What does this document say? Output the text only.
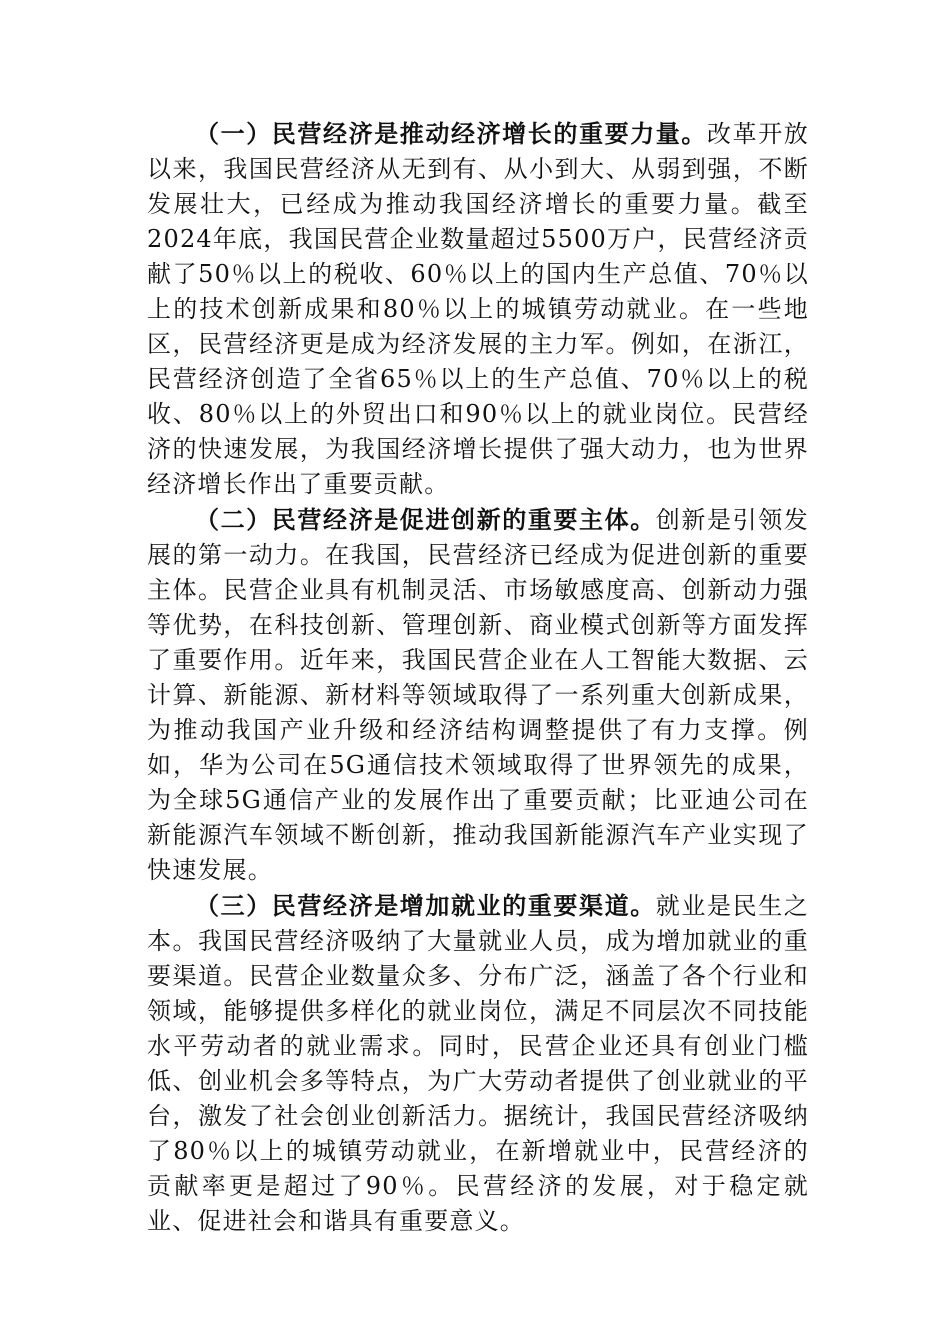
（一）民营经济是推动经济增长的重要力量。改革开放以来，我国民营经济从无到有、从小到大、从弱到强，不断发展壮大，已经成为推动我国经济增长的重要力量。截至2024年底，我国民营企业数量超过5500万户，民营经济贡献了50％以上的税收、60％以上的国内生产总值、70％以上的技术创新成果和80％以上的城镇劳动就业。在一些地区，民营经济更是成为经济发展的主力军。例如，在浙江，民营经济创造了全省65％以上的生产总值、70％以上的税收、80％以上的外贸出口和90％以上的就业岗位。民营经济的快速发展，为我国经济增长提供了强大动力，也为世界经济增长作出了重要贡献。

（二）民营经济是促进创新的重要主体。创新是引领发展的第一动力。在我国，民营经济已经成为促进创新的重要主体。民营企业具有机制灵活、市场敏感度高、创新动力强等优势，在科技创新、管理创新、商业模式创新等方面发挥了重要作用。近年来，我国民营企业在人工智能大数据、云计算、新能源、新材料等领域取得了一系列重大创新成果，为推动我国产业升级和经济结构调整提供了有力支撑。例如，华为公司在5G通信技术领域取得了世界领先的成果，为全球5G通信产业的发展作出了重要贡献；比亚迪公司在新能源汽车领域不断创新，推动我国新能源汽车产业实现了快速发展。

（三）民营经济是增加就业的重要渠道。就业是民生之本。我国民营经济吸纳了大量就业人员，成为增加就业的重要渠道。民营企业数量众多、分布广泛，涵盖了各个行业和领域，能够提供多样化的就业岗位，满足不同层次不同技能水平劳动者的就业需求。同时，民营企业还具有创业门槛低、创业机会多等特点，为广大劳动者提供了创业就业的平台，激发了社会创业创新活力。据统计，我国民营经济吸纳了80％以上的城镇劳动就业，在新增就业中，民营经济的贡献率更是超过了90％。民营经济的发展，对于稳定就业、促进社会和谐具有重要意义。
